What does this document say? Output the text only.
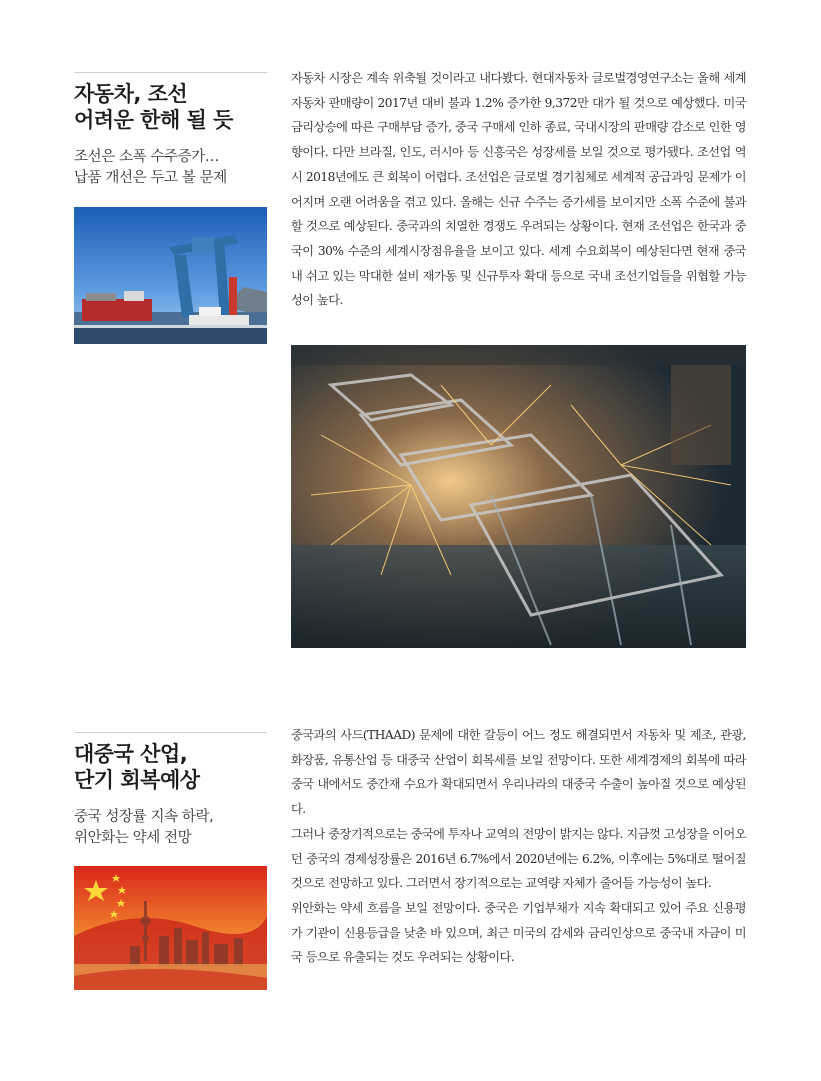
자동차, 조선
어려운 한해 될 듯
조선은 소폭 수주증가…
납품 개선은 두고 볼 문제

자동차 시장은 계속 위축될 것이라고 내다봤다. 현대자동차 글로벌경영연구소는 올해 세계자동차 판매량이 2017년 대비 불과 1.2% 증가한 9,372만 대가 될 것으로 예상했다. 미국 금리상승에 따른 구매부담 증가, 중국 구매세 인하 종료, 국내시장의 판매량 감소로 인한 영향이다. 다만 브라질, 인도, 러시아 등 신흥국은 성장세를 보일 것으로 평가됐다. 조선업 역시 2018년에도 큰 회복이 어렵다. 조선업은 글로벌 경기침체로 세계적 공급과잉 문제가 이어지며 오랜 어려움을 겪고 있다. 올해는 신규 수주는 증가세를 보이지만 소폭 수준에 불과할 것으로 예상된다. 중국과의 치열한 경쟁도 우려되는 상황이다. 현재 조선업은 한국과 중국이 30% 수준의 세계시장점유율을 보이고 있다. 세계 수요회복이 예상된다면 현재 중국 내 쉬고 있는 막대한 설비 재가동 및 신규투자 확대 등으로 국내 조선기업들을 위협할 가능성이 높다.

대중국 산업,
단기 회복예상
중국 성장률 지속 하락,
위안화는 약세 전망

중국과의 사드(THAAD) 문제에 대한 갈등이 어느 정도 해결되면서 자동차 및 제조, 관광, 화장품, 유통산업 등 대중국 산업이 회복세를 보일 전망이다. 또한 세계경제의 회복에 따라 중국 내에서도 중간재 수요가 확대되면서 우리나라의 대중국 수출이 높아질 것으로 예상된다.

그러나 중장기적으로는 중국에 투자나 교역의 전망이 밝지는 않다. 지금껏 고성장을 이어오던 중국의 경제성장률은 2016년 6.7%에서 2020년에는 6.2%, 이후에는 5%대로 떨어질 것으로 전망하고 있다. 그러면서 장기적으로는 교역량 자체가 줄어들 가능성이 높다.

위안화는 약세 흐름을 보일 전망이다. 중국은 기업부채가 지속 확대되고 있어 주요 신용평가 기관이 신용등급을 낮춘 바 있으며, 최근 미국의 감세와 금리인상으로 중국내 자금이 미국 등으로 유출되는 것도 우려되는 상황이다.
